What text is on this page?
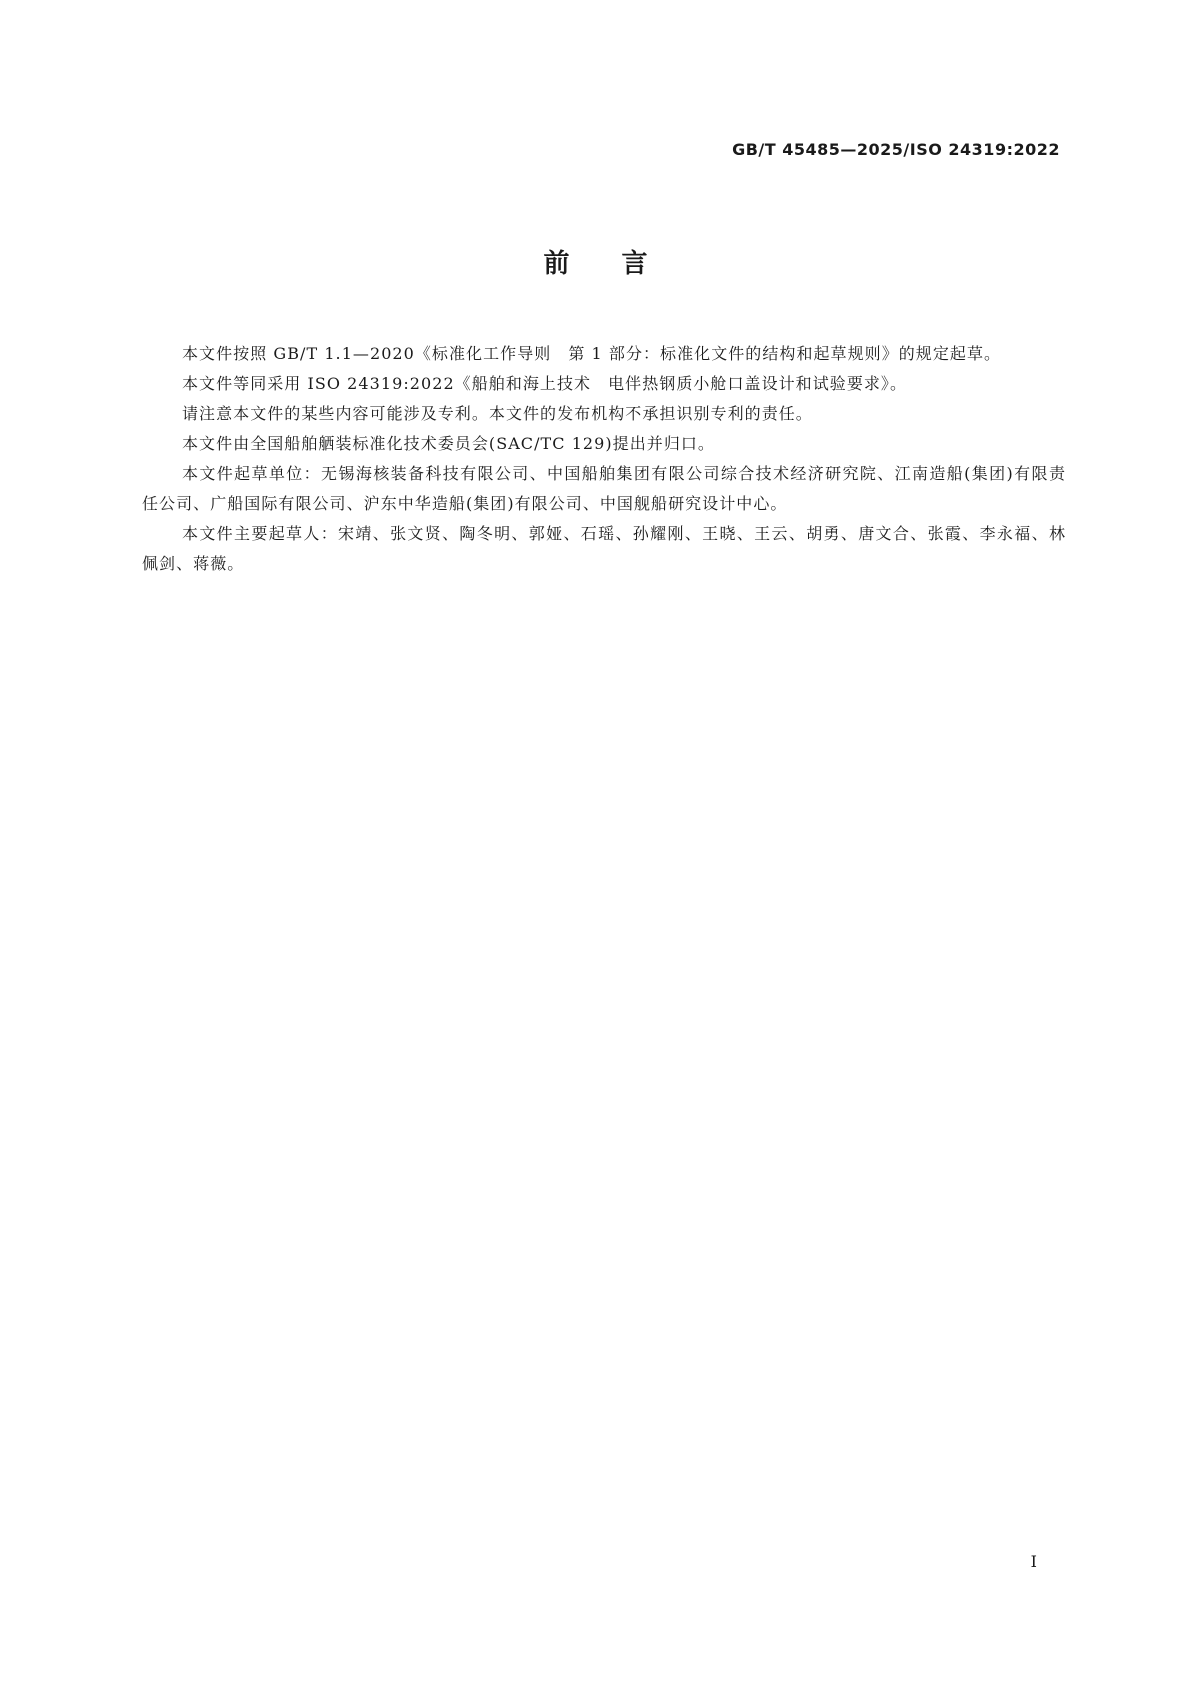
GB/T 45485—2025/ISO 24319:2022
前言

本文件按照 GB/T 1.1—2020《标准化工作导则　第 1 部分：标准化文件的结构和起草规则》的规定起草。

本文件等同采用 ISO 24319:2022《船舶和海上技术　电伴热钢质小舱口盖设计和试验要求》。

请注意本文件的某些内容可能涉及专利。本文件的发布机构不承担识别专利的责任。

本文件由全国船舶舾装标准化技术委员会(SAC/TC 129)提出并归口。

本文件起草单位：无锡海核装备科技有限公司、中国船舶集团有限公司综合技术经济研究院、江南造船(集团)有限责任公司、广船国际有限公司、沪东中华造船(集团)有限公司、中国舰船研究设计中心。

本文件主要起草人：宋靖、张文贤、陶冬明、郭娅、石瑶、孙耀刚、王晓、王云、胡勇、唐文合、张霞、李永福、林佩剑、蒋薇。

I
